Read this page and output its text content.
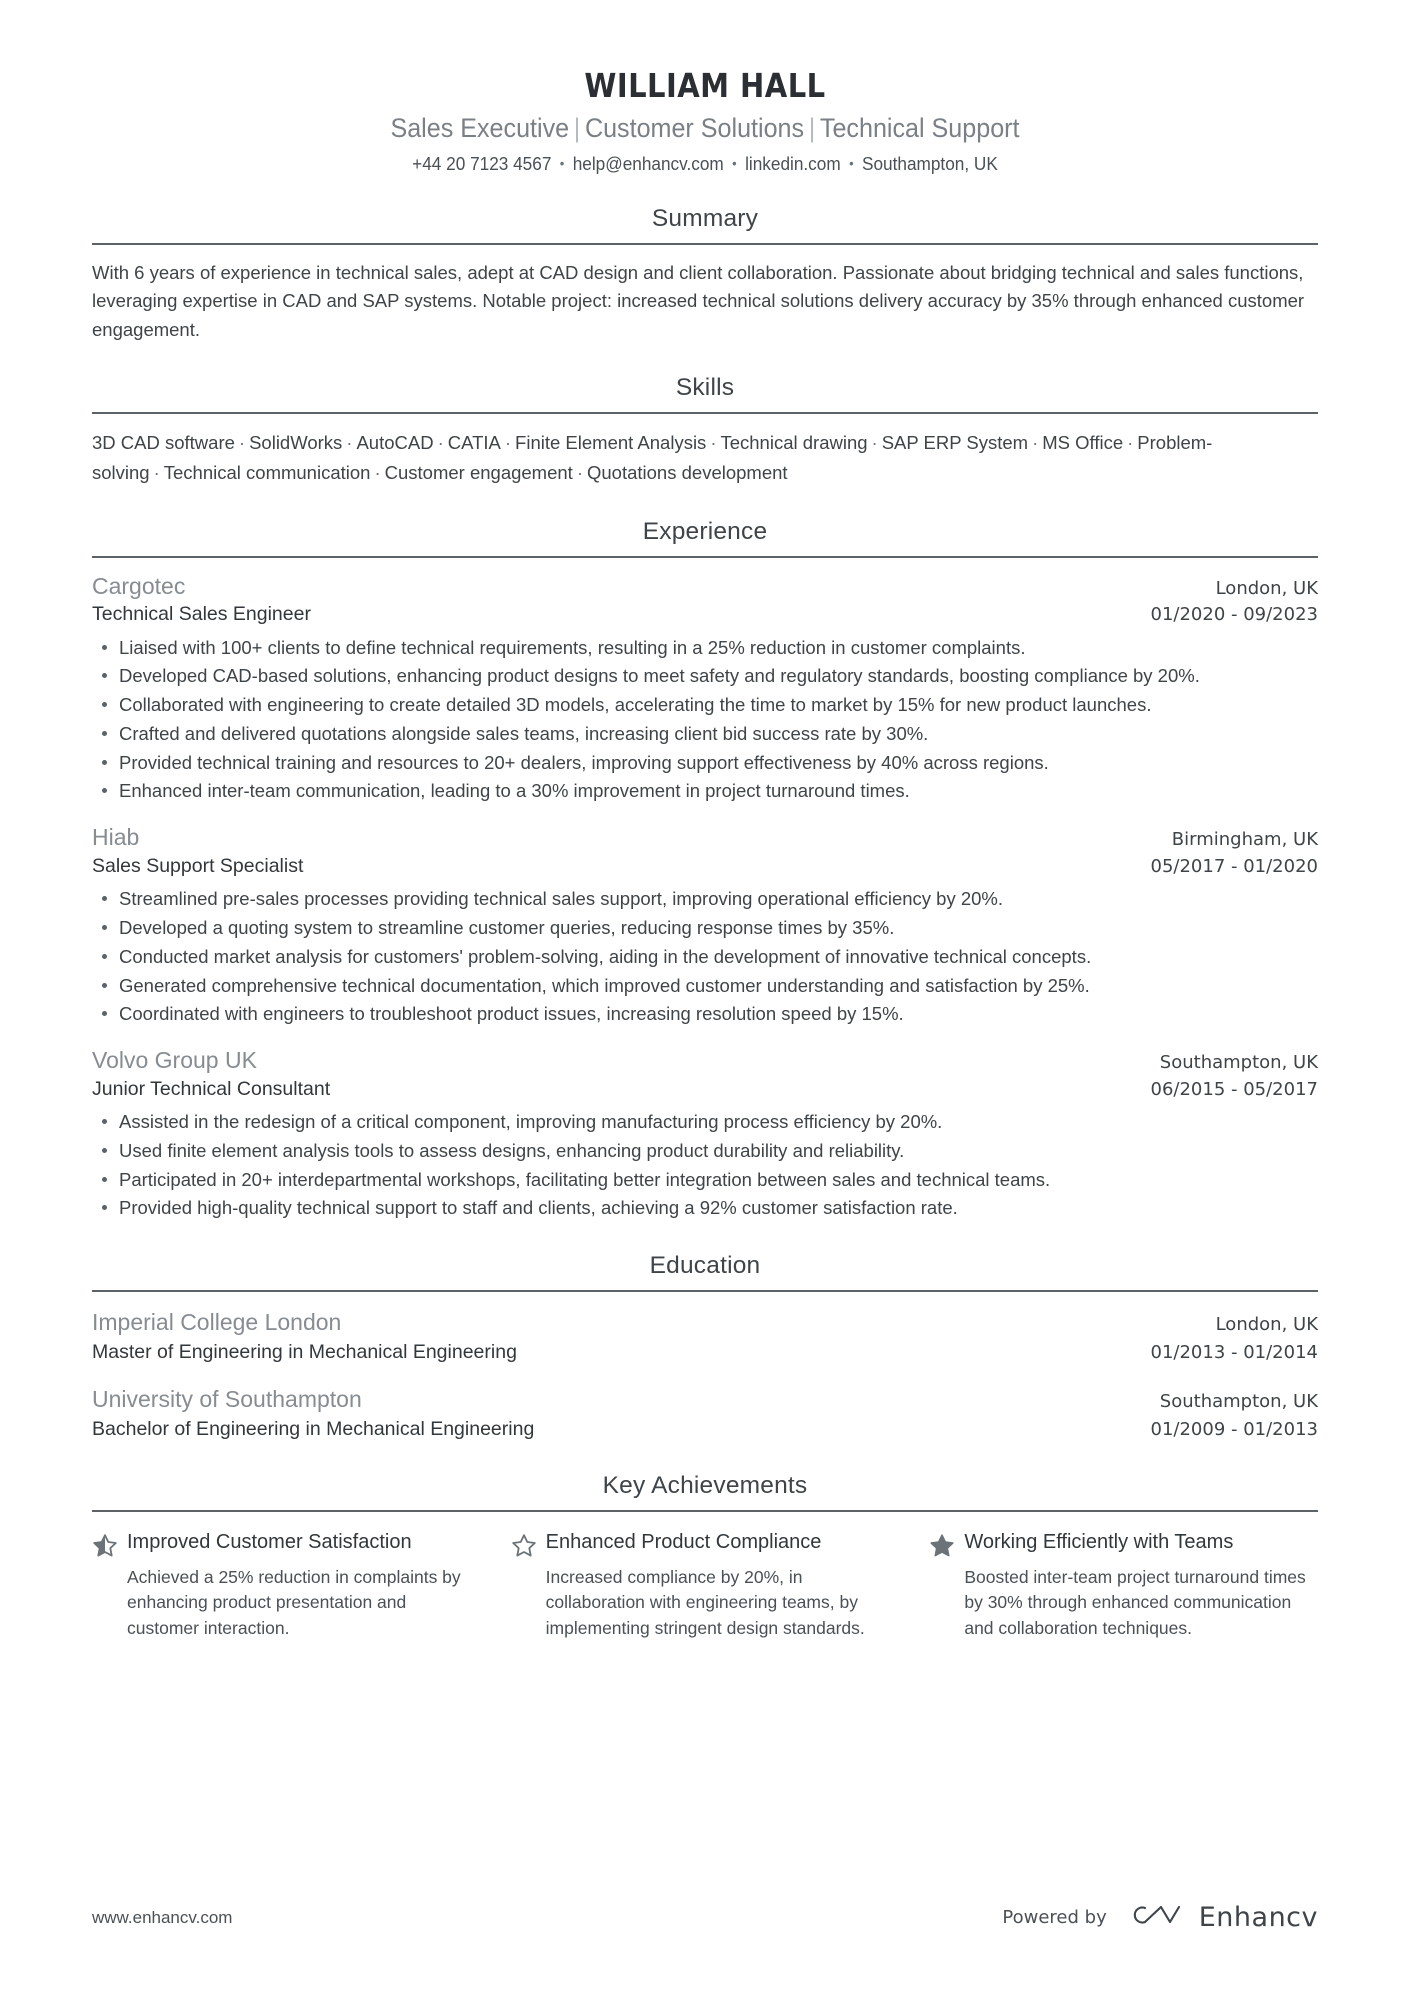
WILLIAM HALL
Sales Executive | Customer Solutions | Technical Support
+44 20 7123 4567 • help@enhancv.com • linkedin.com • Southampton, UK
Summary
With 6 years of experience in technical sales, adept at CAD design and client collaboration. Passionate about bridging technical and sales functions, leveraging expertise in CAD and SAP systems. Notable project: increased technical solutions delivery accuracy by 35% through enhanced customer engagement.
Skills
3D CAD software · SolidWorks · AutoCAD · CATIA · Finite Element Analysis · Technical drawing · SAP ERP System · MS Office · Problem-solving · Technical communication · Customer engagement · Quotations development
Experience
Cargotec	London, UK
Technical Sales Engineer	01/2020 - 09/2023
Liaised with 100+ clients to define technical requirements, resulting in a 25% reduction in customer complaints.
Developed CAD-based solutions, enhancing product designs to meet safety and regulatory standards, boosting compliance by 20%.
Collaborated with engineering to create detailed 3D models, accelerating the time to market by 15% for new product launches.
Crafted and delivered quotations alongside sales teams, increasing client bid success rate by 30%.
Provided technical training and resources to 20+ dealers, improving support effectiveness by 40% across regions.
Enhanced inter-team communication, leading to a 30% improvement in project turnaround times.
Hiab	Birmingham, UK
Sales Support Specialist	05/2017 - 01/2020
Streamlined pre-sales processes providing technical sales support, improving operational efficiency by 20%.
Developed a quoting system to streamline customer queries, reducing response times by 35%.
Conducted market analysis for customers' problem-solving, aiding in the development of innovative technical concepts.
Generated comprehensive technical documentation, which improved customer understanding and satisfaction by 25%.
Coordinated with engineers to troubleshoot product issues, increasing resolution speed by 15%.
Volvo Group UK	Southampton, UK
Junior Technical Consultant	06/2015 - 05/2017
Assisted in the redesign of a critical component, improving manufacturing process efficiency by 20%.
Used finite element analysis tools to assess designs, enhancing product durability and reliability.
Participated in 20+ interdepartmental workshops, facilitating better integration between sales and technical teams.
Provided high-quality technical support to staff and clients, achieving a 92% customer satisfaction rate.
Education
Imperial College London	London, UK
Master of Engineering in Mechanical Engineering	01/2013 - 01/2014
University of Southampton	Southampton, UK
Bachelor of Engineering in Mechanical Engineering	01/2009 - 01/2013
Key Achievements
Improved Customer Satisfaction
Achieved a 25% reduction in complaints by enhancing product presentation and customer interaction.
Enhanced Product Compliance
Increased compliance by 20%, in collaboration with engineering teams, by implementing stringent design standards.
Working Efficiently with Teams
Boosted inter-team project turnaround times by 30% through enhanced communication and collaboration techniques.
www.enhancv.com	Powered by	Enhancv
